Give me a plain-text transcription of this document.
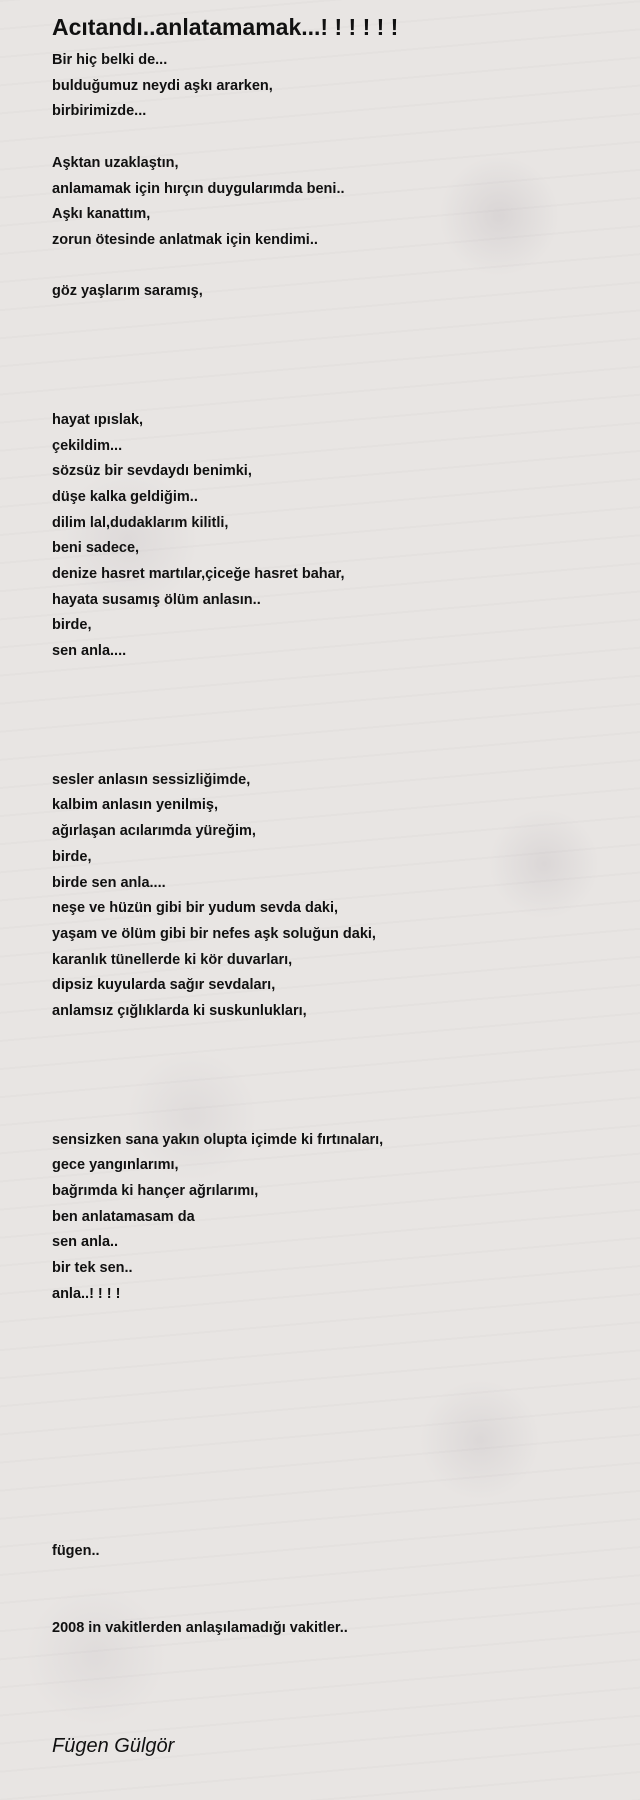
Acıtandı..anlatamamak...! ! ! ! ! !
Bir hiç belki de...
bulduğumuz neydi aşkı ararken,
birbirimizde...

Aşktan uzaklaştın,
anlamamak için hırçın duygularımda beni..
Aşkı kanattım,
zorun ötesinde anlatmak için kendimi..

göz yaşlarım saramış,

hayat ıpıslak,
çekildim...
sözsüz bir sevdaydı benimki,
düşe kalka geldiğim..
dilim lal,dudaklarım kilitli,
beni sadece,
denize hasret martılar,çiceğe hasret bahar,
hayata susamış ölüm anlasın..
birde,
sen anla....

sesler anlasın sessizliğimde,
kalbim anlasın yenilmiş,
ağırlaşan acılarımda yüreğim,
birde,
birde sen anla....
neşe ve hüzün gibi bir yudum sevda daki,
yaşam ve ölüm gibi bir nefes aşk soluğun daki,
karanlık tünellerde ki kör duvarları,
dipsiz kuyularda sağır sevdaları,
anlamsız çığlıklarda ki suskunlukları,

sensizken sana yakın olupta içimde ki fırtınaları,
gece yangınlarımı,
bağrımda ki hançer ağrılarımı,
ben anlatamasam da
sen anla..
bir tek sen..
anla..! ! ! !

fügen..

2008 in vakitlerden anlaşılamadığı vakitler..
Fügen Gülgör
